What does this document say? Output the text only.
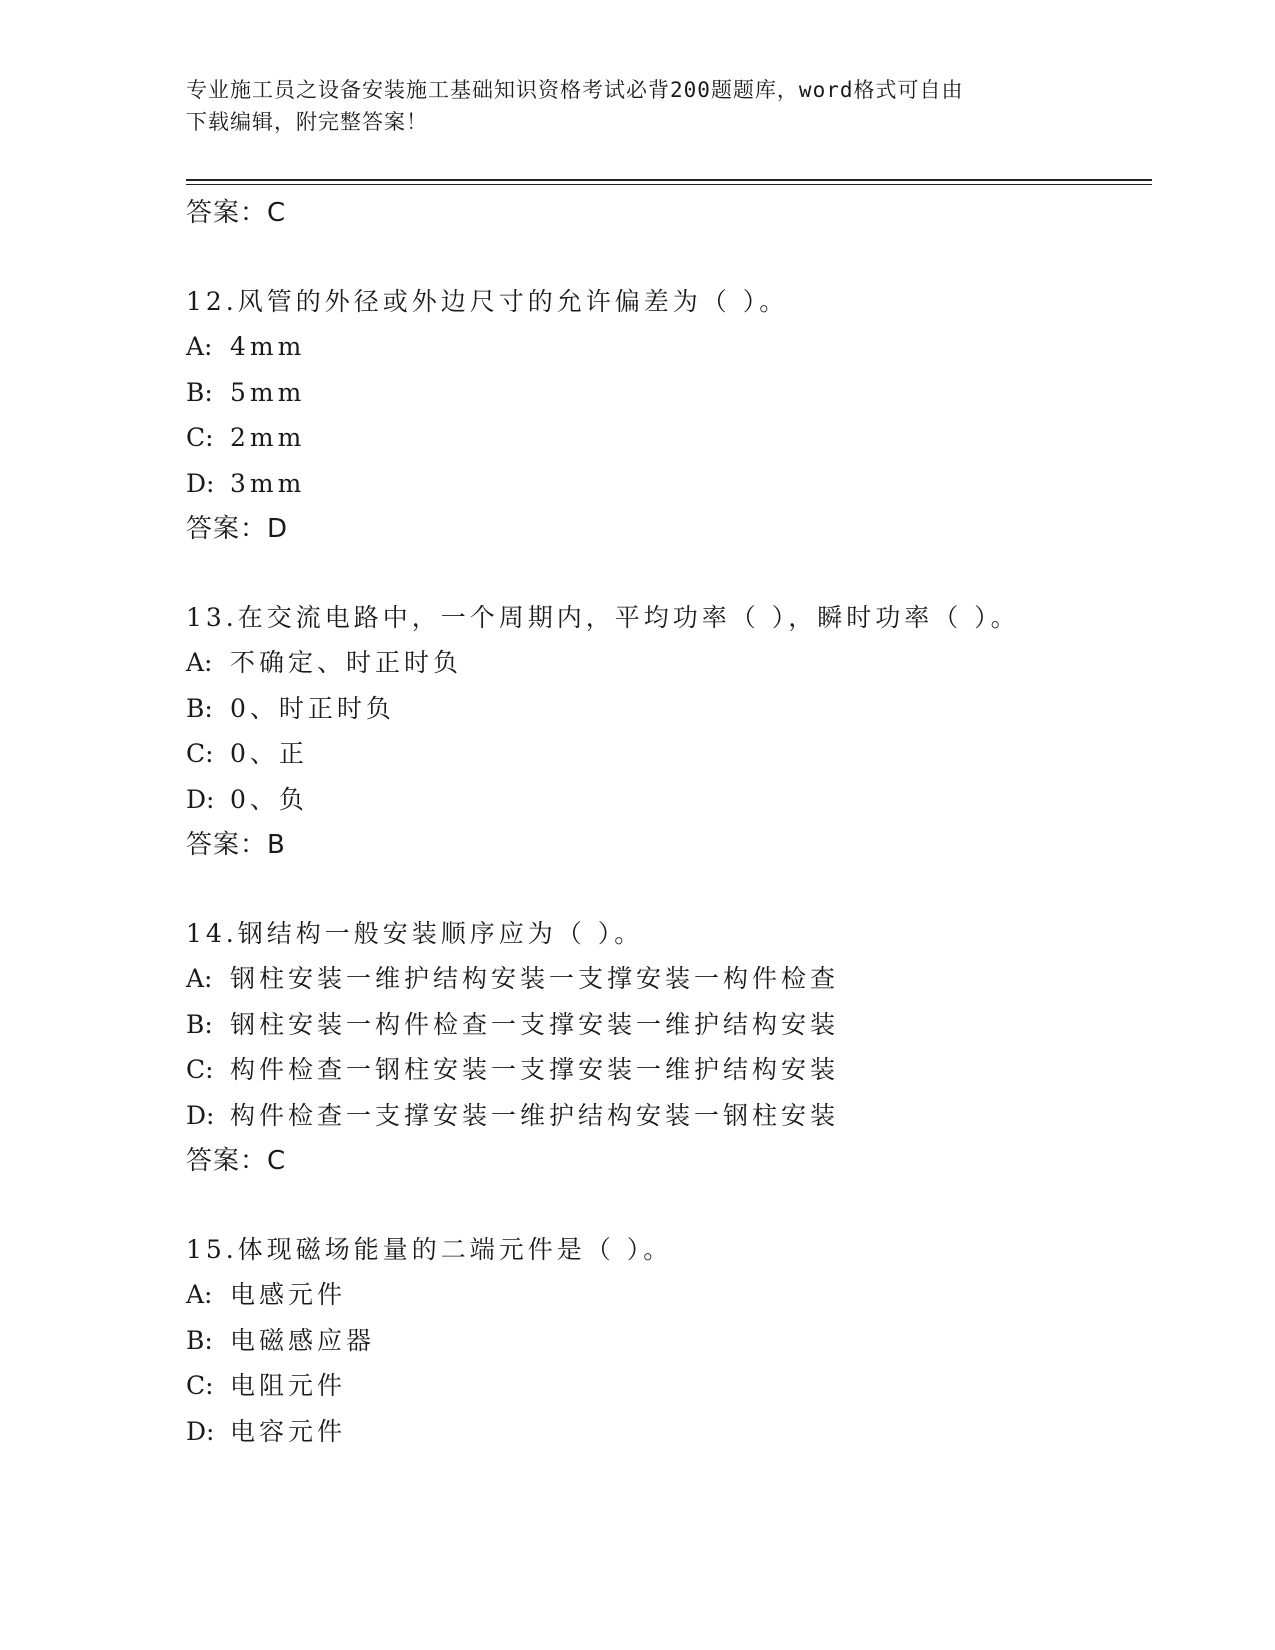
专业施工员之设备安装施工基础知识资格考试必背200题题库，word格式可自由
下载编辑，附完整答案！
答案：C
12.风管的外径或外边尺寸的允许偏差为（ ）。
A: 4mm
B: 5mm
C: 2mm
D: 3mm
答案：D
13.在交流电路中，一个周期内，平均功率（ ），瞬时功率（ ）。
A: 不确定、时正时负
B: 0、时正时负
C: 0、正
D: 0、负
答案：B
14.钢结构一般安装顺序应为（ ）。
A: 钢柱安装一维护结构安装一支撑安装一构件检查
B: 钢柱安装一构件检查一支撑安装一维护结构安装
C: 构件检查一钢柱安装一支撑安装一维护结构安装
D: 构件检查一支撑安装一维护结构安装一钢柱安装
答案：C
15.体现磁场能量的二端元件是（ ）。
A: 电感元件
B: 电磁感应器
C: 电阻元件
D: 电容元件
